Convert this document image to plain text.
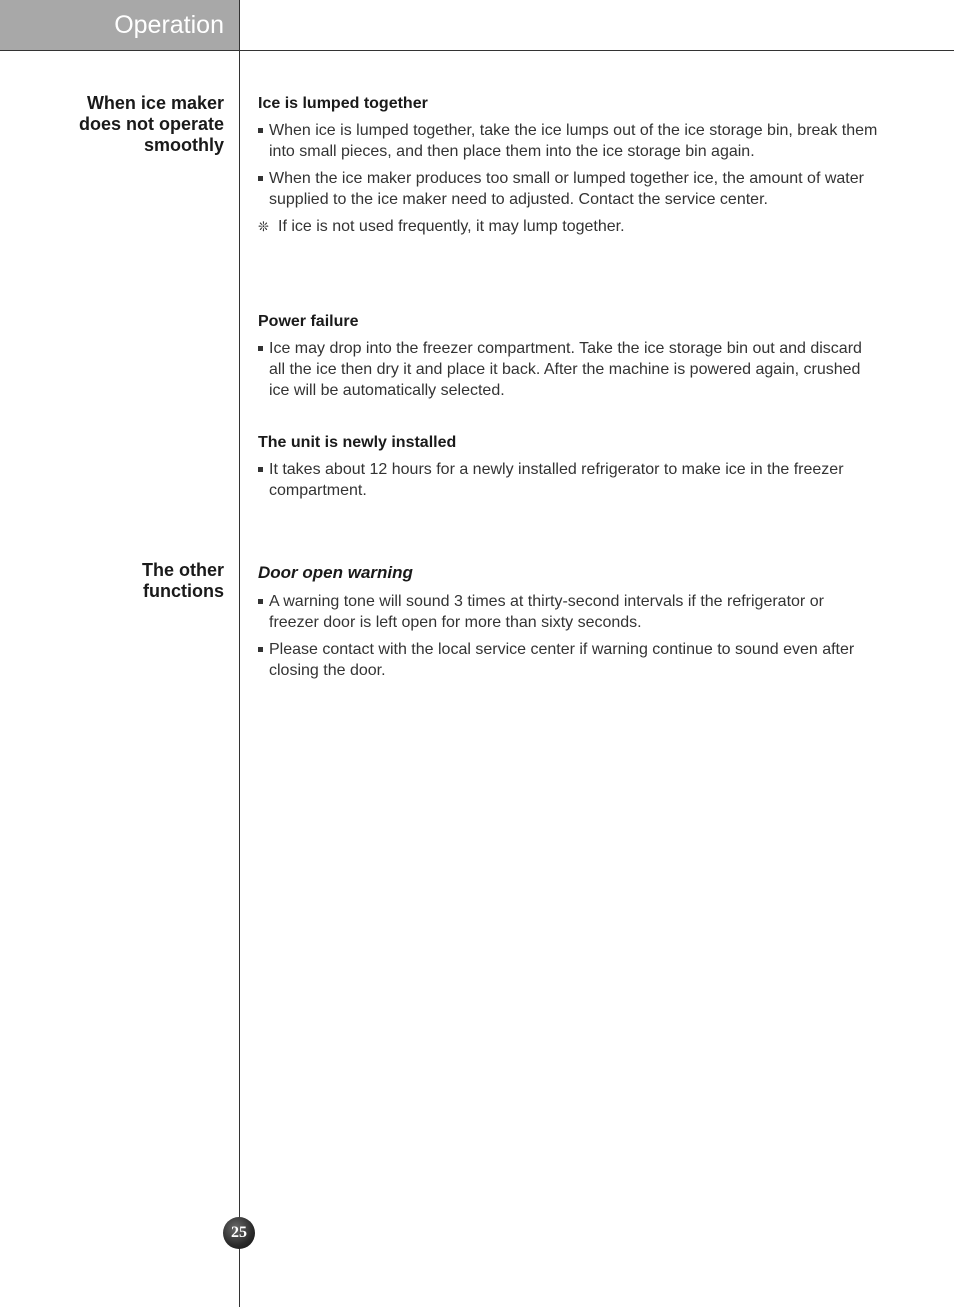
Operation
When ice maker
does not operate
smoothly
The other
functions
Ice is lumped together
When ice is lumped together, take the ice lumps out of the ice storage bin, break them into small pieces, and then place them into the ice storage bin again.
When the ice maker produces too small or lumped together ice, the amount of water supplied to the ice maker need to adjusted. Contact the service center.
❊ If ice is not used frequently, it may lump together.
Power failure
Ice may drop into the freezer compartment. Take the ice storage bin out and discard all the ice then dry it and place it back. After the machine is powered again, crushed ice will be automatically selected.
The unit is newly installed
It takes about 12 hours for a newly installed refrigerator to make ice in the freezer compartment.
Door open warning
A warning tone will sound 3 times at thirty-second intervals if the refrigerator or freezer door is left open for more than sixty seconds.
Please contact with the local service center if warning continue to sound even after closing the door.
25
